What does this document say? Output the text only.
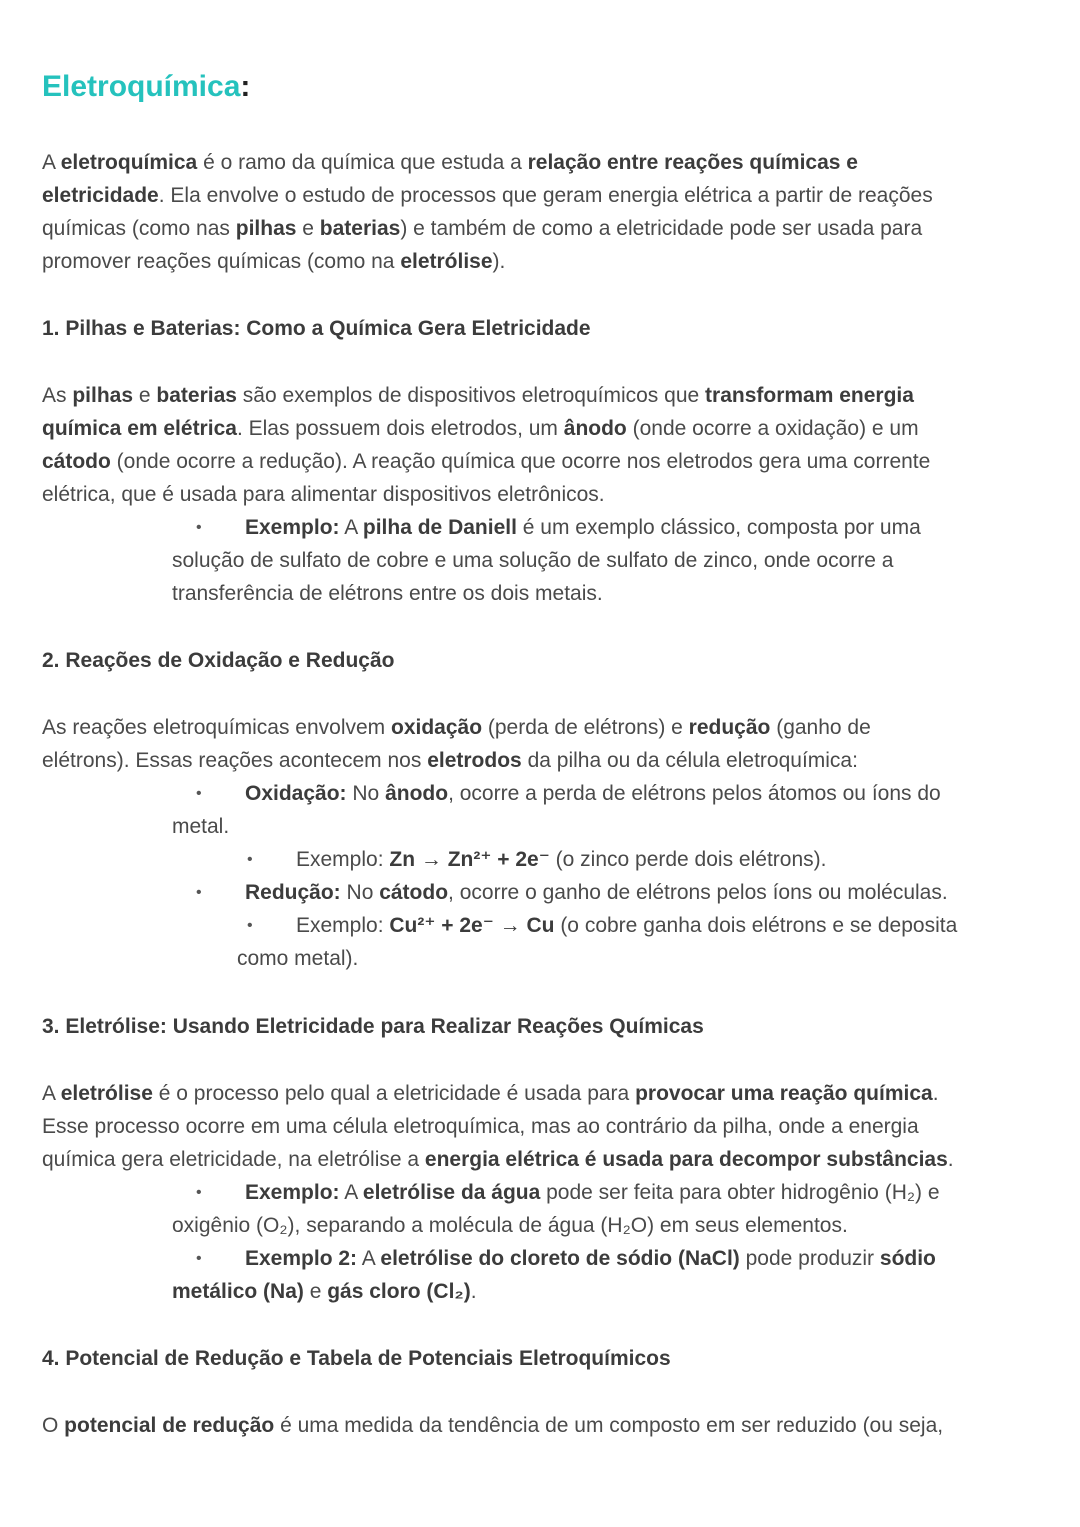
Eletroquímica:
A eletroquímica é o ramo da química que estuda a relação entre reações químicas e
eletricidade. Ela envolve o estudo de processos que geram energia elétrica a partir de reações
químicas (como nas pilhas e baterias) e também de como a eletricidade pode ser usada para
promover reações químicas (como na eletrólise).
1. Pilhas e Baterias: Como a Química Gera Eletricidade
As pilhas e baterias são exemplos de dispositivos eletroquímicos que transformam energia
química em elétrica. Elas possuem dois eletrodos, um ânodo (onde ocorre a oxidação) e um
cátodo (onde ocorre a redução). A reação química que ocorre nos eletrodos gera uma corrente
elétrica, que é usada para alimentar dispositivos eletrônicos.
• Exemplo: A pilha de Daniell é um exemplo clássico, composta por uma
solução de sulfato de cobre e uma solução de sulfato de zinco, onde ocorre a
transferência de elétrons entre os dois metais.
2. Reações de Oxidação e Redução
As reações eletroquímicas envolvem oxidação (perda de elétrons) e redução (ganho de
elétrons). Essas reações acontecem nos eletrodos da pilha ou da célula eletroquímica:
• Oxidação: No ânodo, ocorre a perda de elétrons pelos átomos ou íons do
metal.
• Exemplo: Zn → Zn²⁺ + 2e⁻ (o zinco perde dois elétrons).
• Redução: No cátodo, ocorre o ganho de elétrons pelos íons ou moléculas.
• Exemplo: Cu²⁺ + 2e⁻ → Cu (o cobre ganha dois elétrons e se deposita
como metal).
3. Eletrólise: Usando Eletricidade para Realizar Reações Químicas
A eletrólise é o processo pelo qual a eletricidade é usada para provocar uma reação química.
Esse processo ocorre em uma célula eletroquímica, mas ao contrário da pilha, onde a energia
química gera eletricidade, na eletrólise a energia elétrica é usada para decompor substâncias.
• Exemplo: A eletrólise da água pode ser feita para obter hidrogênio (H₂) e
oxigênio (O₂), separando a molécula de água (H₂O) em seus elementos.
• Exemplo 2: A eletrólise do cloreto de sódio (NaCl) pode produzir sódio
metálico (Na) e gás cloro (Cl₂).
4. Potencial de Redução e Tabela de Potenciais Eletroquímicos
O potencial de redução é uma medida da tendência de um composto em ser reduzido (ou seja,
